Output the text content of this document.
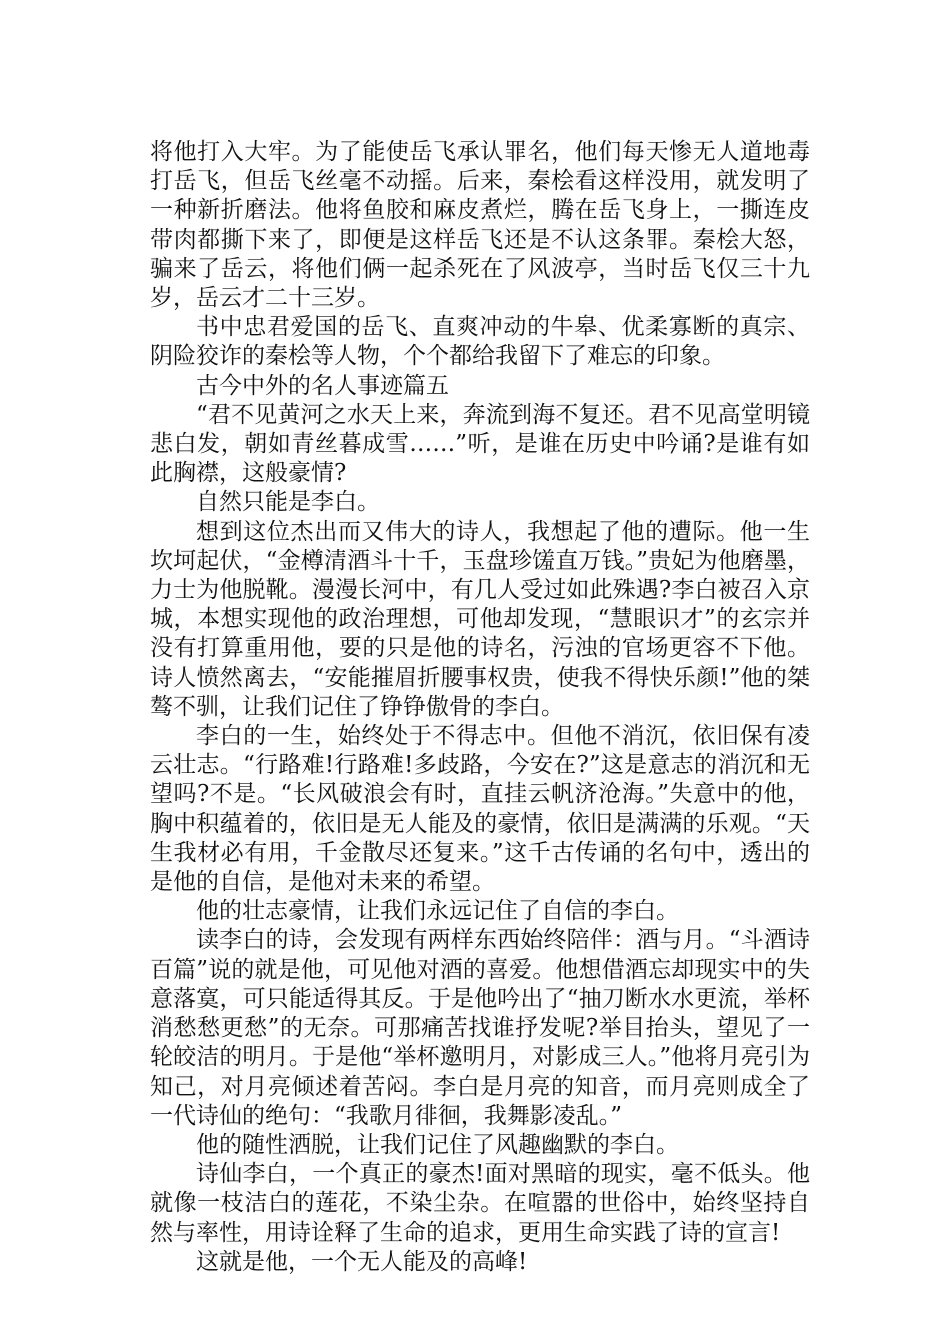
将他打入大牢。为了能使岳飞承认罪名，他们每天惨无人道地毒打岳飞，但岳飞丝毫不动摇。后来，秦桧看这样没用，就发明了一种新折磨法。他将鱼胶和麻皮煮烂，腾在岳飞身上，一撕连皮带肉都撕下来了，即便是这样岳飞还是不认这条罪。秦桧大怒，骗来了岳云，将他们俩一起杀死在了风波亭，当时岳飞仅三十九岁，岳云才二十三岁。

书中忠君爱国的岳飞、直爽冲动的牛皋、优柔寡断的真宗、阴险狡诈的秦桧等人物，个个都给我留下了难忘的印象。

古今中外的名人事迹篇五

“君不见黄河之水天上来，奔流到海不复还。君不见高堂明镜悲白发，朝如青丝暮成雪……”听，是谁在历史中吟诵?是谁有如此胸襟，这般豪情?

自然只能是李白。

想到这位杰出而又伟大的诗人，我想起了他的遭际。他一生坎坷起伏，“金樽清酒斗十千，玉盘珍馐直万钱。”贵妃为他磨墨，力士为他脱靴。漫漫长河中，有几人受过如此殊遇?李白被召入京城，本想实现他的政治理想，可他却发现，“慧眼识才”的玄宗并没有打算重用他，要的只是他的诗名，污浊的官场更容不下他。诗人愤然离去，“安能摧眉折腰事权贵，使我不得快乐颜!”他的桀骜不驯，让我们记住了铮铮傲骨的李白。

李白的一生，始终处于不得志中。但他不消沉，依旧保有凌云壮志。“行路难!行路难!多歧路，今安在?”这是意志的消沉和无望吗?不是。“长风破浪会有时，直挂云帆济沧海。”失意中的他，胸中积蕴着的，依旧是无人能及的豪情，依旧是满满的乐观。“天生我材必有用，千金散尽还复来。”这千古传诵的名句中，透出的是他的自信，是他对未来的希望。

他的壮志豪情，让我们永远记住了自信的李白。

读李白的诗，会发现有两样东西始终陪伴：酒与月。“斗酒诗百篇”说的就是他，可见他对酒的喜爱。他想借酒忘却现实中的失意落寞，可只能适得其反。于是他吟出了“抽刀断水水更流，举杯消愁愁更愁”的无奈。可那痛苦找谁抒发呢?举目抬头，望见了一轮皎洁的明月。于是他“举杯邀明月，对影成三人。”他将月亮引为知己，对月亮倾述着苦闷。李白是月亮的知音，而月亮则成全了一代诗仙的绝句：“我歌月徘徊，我舞影凌乱。”

他的随性洒脱，让我们记住了风趣幽默的李白。

诗仙李白，一个真正的豪杰!面对黑暗的现实，毫不低头。他就像一枝洁白的莲花，不染尘杂。在喧嚣的世俗中，始终坚持自然与率性，用诗诠释了生命的追求，更用生命实践了诗的宣言!

这就是他，一个无人能及的高峰!
